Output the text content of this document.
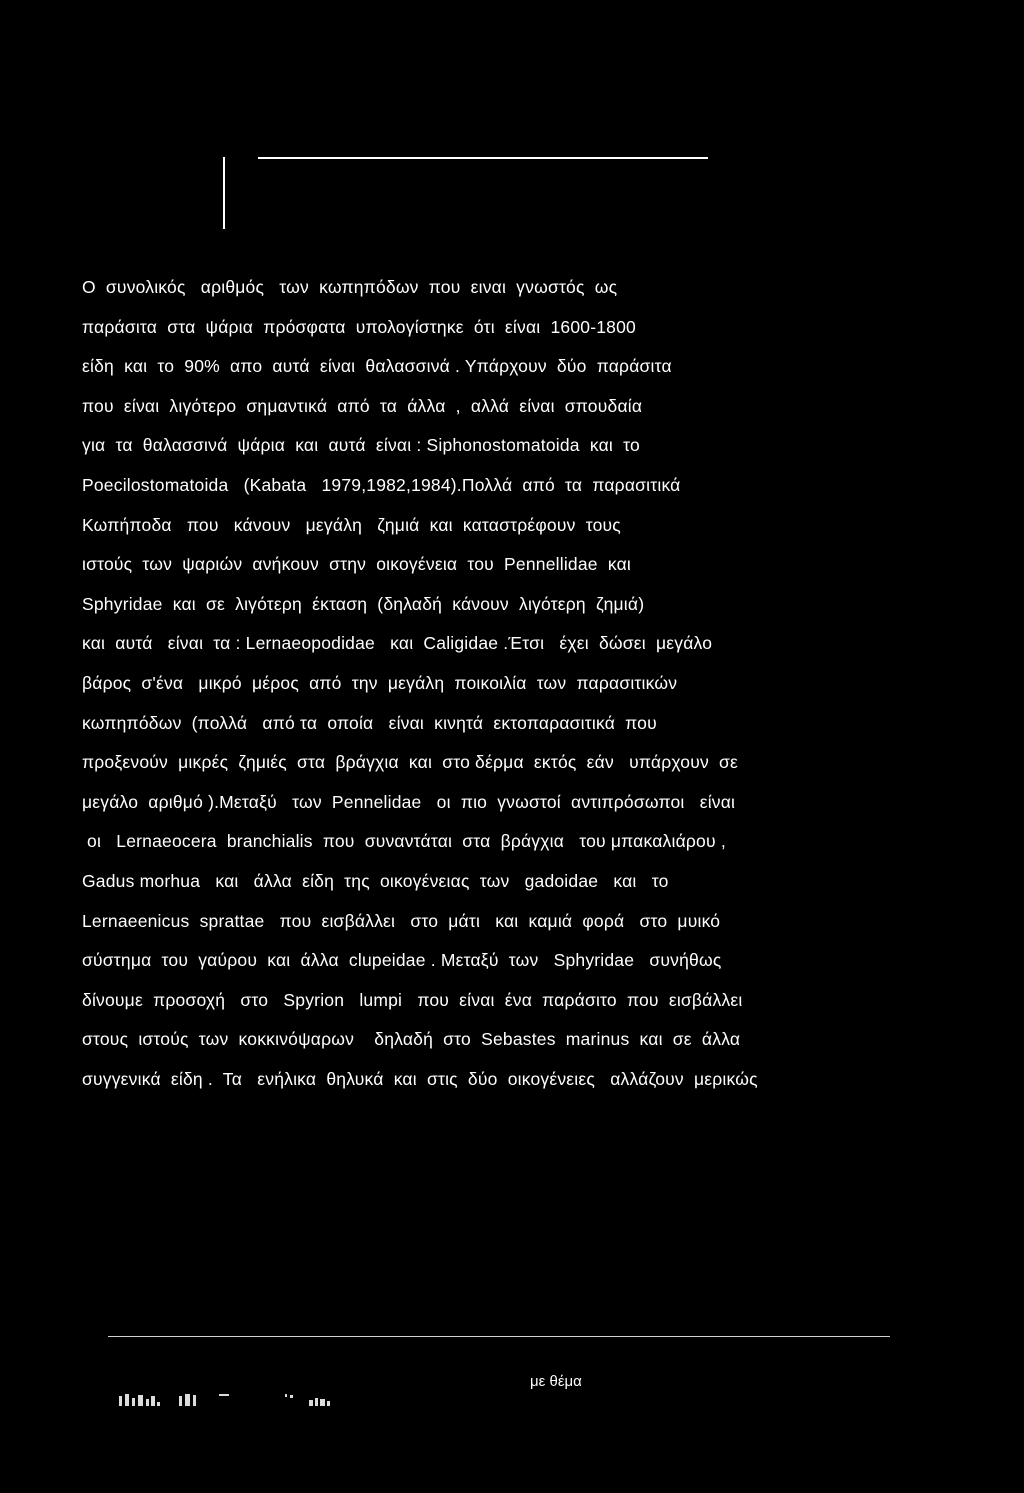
Ο  συνολικός   αριθμός   των  κωπηπόδων  που  ειναι  γνωστός  ως
παράσιτα  στα  ψάρια  πρόσφατα  υπολογίστηκε  ότι  είναι  1600-1800
είδη  και  το  90%  απο  αυτά  είναι  θαλασσινά . Υπάρχουν  δύο  παράσιτα
που  είναι  λιγότερο  σημαντικά  από  τα  άλλα  ,  αλλά  είναι  σπουδαία
για  τα  θαλασσινά  ψάρια  και  αυτά  είναι : Siphonostomatoida  και  το
Poecilostomatoida   (Kabata   1979,1982,1984).Πολλά  από  τα  παρασιτικά
Κωπήποδα   που   κάνουν   μεγάλη   ζημιά  και  καταστρέφουν  τους
ιστούς  των  ψαριών  ανήκουν  στην  οικογένεια  του  Pennellidae  και
Sphyridae  και  σε  λιγότερη  έκταση  (δηλαδή  κάνουν  λιγότερη  ζημιά)
και  αυτά   είναι  τα : Lernaeopodidae   και  Caligidae .Έτσι   έχει  δώσει  μεγάλο
βάρος  σ'ένα   μικρό  μέρος  από  την  μεγάλη  ποικοιλία  των  παρασιτικών
κωπηπόδων  (πολλά   από τα  οποία   είναι  κινητά  εκτοπαρασιτικά  που
προξενούν  μικρές  ζημιές  στα  βράγχια  και  στο δέρμα  εκτός  εάν   υπάρχουν  σε
μεγάλο  αριθμό ).Μεταξύ   των  Pennelidae   οι  πιο  γνωστοί  αντιπρόσωποι   είναι
οι   Lernaeocera  branchialis  που  συναντάται  στα  βράγχια   του μπακαλιάρου ,
Gadus morhua   και   άλλα  είδη  της  οικογένειας  των   gadoidae   και   το
Lernaeenicus  sprattae   που  εισβάλλει   στο  μάτι   και  καμιά  φορά   στο  μυικό
σύστημα  του  γαύρου  και  άλλα  clupeidae . Μεταξύ  των   Sphyridae   συνήθως
δίνουμε  προσοχή   στο   Spyrion   lumpi   που  είναι  ένα  παράσιτο  που  εισβάλλει
στους  ιστούς  των  κοκκινόψαρων    δηλαδή  στο  Sebastes  marinus  και  σε  άλλα
συγγενικά  είδη .  Τα   ενήλικα  θηλυκά  και  στις  δύο  οικογένειες   αλλάζουν  μερικώς

με θέμα
